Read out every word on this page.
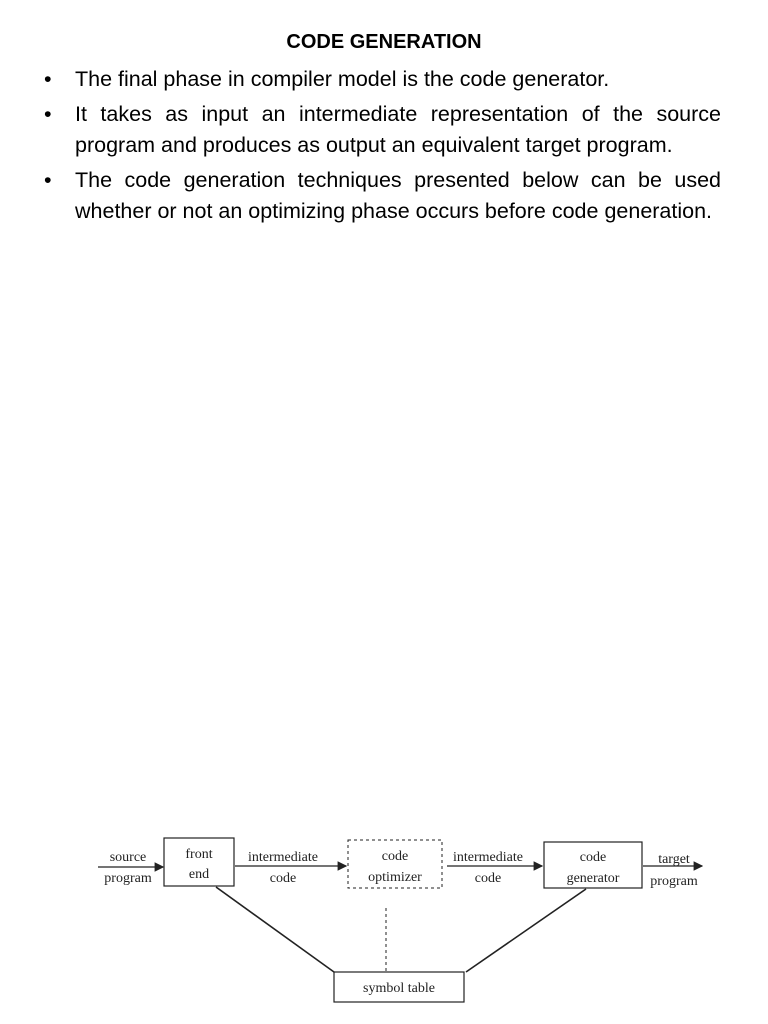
CODE GENERATION
•	The final phase in compiler model is the code generator.
•	It takes as input an intermediate representation of the source program and produces as output an equivalent target program.
•	The code generation techniques presented below can be used whether or not an optimizing phase occurs before code generation.
source
program
front
end
intermediate
code
code
optimizer
intermediate
code
code
generator
target
program
symbol table
